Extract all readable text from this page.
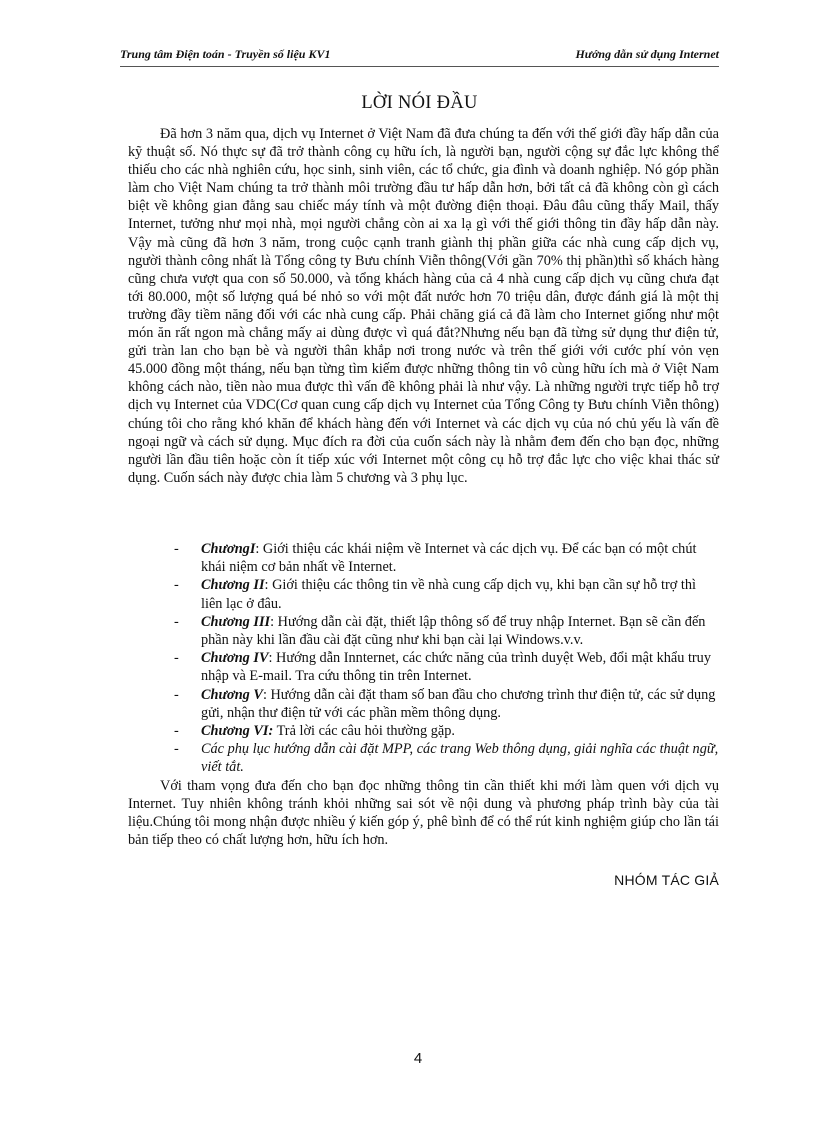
Trung tâm Điện toán - Truyền số liệu KV1	Hướng dẫn sử dụng Internet
LỜI NÓI ĐẦU

Đã hơn 3 năm qua, dịch vụ Internet ở Việt Nam đã đưa chúng ta đến với thế giới đầy hấp dẫn của kỹ thuật số. Nó thực sự đã trở thành công cụ hữu ích, là người bạn, người cộng sự đắc lực không thể thiếu cho các nhà nghiên cứu, học sinh, sinh viên, các tổ chức, gia đình và doanh nghiệp. Nó góp phần làm cho Việt Nam chúng ta trở thành môi trường đầu tư hấp dẫn hơn, bởi tất cả đã không còn gì cách biệt về không gian đằng sau chiếc máy tính và một đường điện thoại. Đâu đâu cũng thấy Mail, thấy Internet, tưởng như mọi nhà, mọi người chẳng còn ai xa lạ gì với thế giới thông tin đầy hấp dẫn này. Vậy mà cũng đã hơn 3 năm, trong cuộc cạnh tranh giành thị phần giữa các nhà cung cấp dịch vụ, người thành công nhất là Tổng công ty Bưu chính Viễn thông(Với gần 70% thị phần)thì số khách hàng cũng chưa vượt qua con số 50.000, và tổng khách hàng của cả 4 nhà cung cấp dịch vụ cũng chưa đạt tới 80.000, một số lượng quá bé nhỏ so với một đất nước hơn 70 triệu dân, được đánh giá là một thị trường đầy tiềm năng đối với các nhà cung cấp. Phải chăng giá cả đã làm cho Internet giống như một món ăn rất ngon mà chẳng mấy ai dùng được vì quá đắt?Nhưng nếu bạn đã từng sử dụng thư điện tử, gửi tràn lan cho bạn bè và người thân khắp nơi trong nước và trên thế giới với cước phí vỏn vẹn 45.000 đồng một tháng, nếu bạn từng tìm kiếm được những thông tin vô cùng hữu ích mà ở Việt Nam không cách nào, tiền nào mua được thì vấn đề không phải là như vậy. Là những người trực tiếp hỗ trợ dịch vụ Internet của VDC(Cơ quan cung cấp dịch vụ Internet của Tổng Công ty Bưu chính Viễn thông) chúng tôi cho rằng khó khăn để khách hàng đến với Internet và các dịch vụ của nó chủ yếu là vấn đề ngoại ngữ và cách sử dụng. Mục đích ra đời của cuốn sách này là nhằm đem đến cho bạn đọc, những người lần đầu tiên hoặc còn ít tiếp xúc với Internet một công cụ hỗ trợ đắc lực cho việc khai thác sử dụng. Cuốn sách này được chia làm 5 chương và 3 phụ lục.

- ChươngI: Giới thiệu các khái niệm về Internet và các dịch vụ. Để các bạn có một chút khái niệm cơ bản nhất về Internet.
- Chương II: Giới thiệu các thông tin về nhà cung cấp dịch vụ, khi bạn cần sự hỗ trợ thì liên lạc ở đâu.
- Chương III: Hướng dẫn cài đặt, thiết lập thông số để truy nhập Internet. Bạn sẽ cần đến phần này khi lần đầu cài đặt cũng như khi bạn cài lại Windows.v.v.
- Chương IV: Hướng dẫn Innternet, các chức năng của trình duyệt Web, đổi mật khẩu truy nhập và E-mail. Tra cứu thông tin trên Internet.
- Chương V: Hướng dẫn cài đặt tham số ban đầu cho chương trình thư điện tử, các sử dụng gửi, nhận thư điện tử với các phần mềm thông dụng.
- Chương VI: Trả lời các câu hỏi thường gặp.
- Các phụ lục hướng dẫn cài đặt MPP, các trang Web thông dụng, giải nghĩa các thuật ngữ, viết tắt.

Với tham vọng đưa đến cho bạn đọc những thông tin cần thiết khi mới làm quen với dịch vụ Internet. Tuy nhiên không tránh khỏi những sai sót về nội dung và phương pháp trình bày của tài liệu.Chúng tôi mong nhận được nhiều ý kiến góp ý, phê bình để có thể rút kinh nghiệm giúp cho lần tái bản tiếp theo có chất lượng hơn, hữu ích hơn.

NHÓM TÁC GIẢ
4
